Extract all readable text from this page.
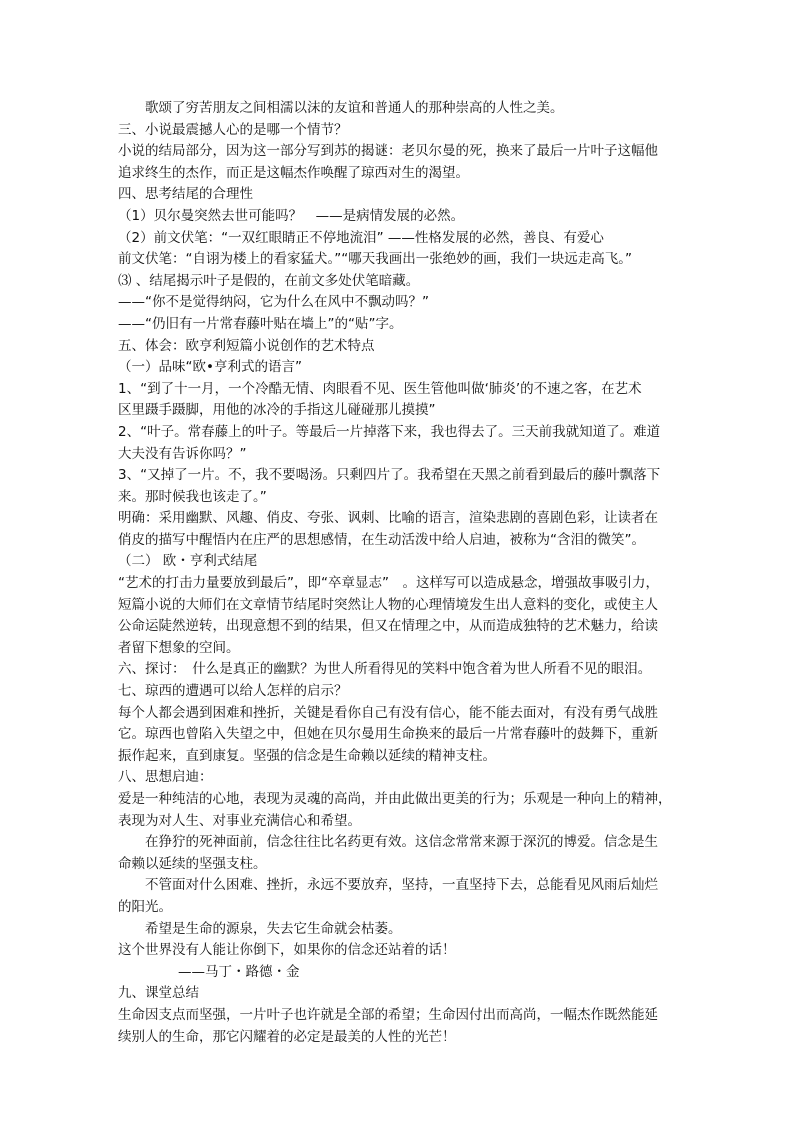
歌颂了穷苦朋友之间相濡以沫的友谊和普通人的那种崇高的人性之美。
三、小说最震撼人心的是哪一个情节？
小说的结局部分，因为这一部分写到苏的揭谜：老贝尔曼的死，换来了最后一片叶子这幅他
追求终生的杰作，而正是这幅杰作唤醒了琼西对生的渴望。
四、思考结尾的合理性
（1）贝尔曼突然去世可能吗？　——是病情发展的必然。
（2）前文伏笔：“一双红眼睛正不停地流泪” ——性格发展的必然，善良、有爱心
前文伏笔：“自诩为楼上的看家猛犬。”“哪天我画出一张绝妙的画，我们一块远走高飞。”
⑶ 、结尾揭示叶子是假的，在前文多处伏笔暗藏。
——“你不是觉得纳闷，它为什么在风中不飘动吗？”
——“仍旧有一片常春藤叶贴在墙上”的“贴”字。
五、体会：欧亨利短篇小说创作的艺术特点
（一）品味“欧•亨利式的语言”
1、“到了十一月，一个冷酷无情、肉眼看不见、医生管他叫做‘肺炎’的不速之客，在艺术
区里蹑手蹑脚，用他的冰冷的手指这儿碰碰那儿摸摸”
2、“叶子。常春藤上的叶子。等最后一片掉落下来，我也得去了。三天前我就知道了。难道
大夫没有告诉你吗？”
3、“又掉了一片。不，我不要喝汤。只剩四片了。我希望在天黑之前看到最后的藤叶飘落下
来。那时候我也该走了。”
明确：采用幽默、风趣、俏皮、夸张、讽刺、比喻的语言，渲染悲剧的喜剧色彩，让读者在
俏皮的描写中醒悟内在庄严的思想感情，在生动活泼中给人启迪，被称为“含泪的微笑”。
（二） 欧・亨利式结尾
“艺术的打击力量要放到最后”，即“卒章显志”　。这样写可以造成悬念，增强故事吸引力，
短篇小说的大师们在文章情节结尾时突然让人物的心理情境发生出人意料的变化，或使主人
公命运陡然逆转，出现意想不到的结果，但又在情理之中，从而造成独特的艺术魅力，给读
者留下想象的空间。
六、探讨：　什么是真正的幽默？为世人所看得见的笑料中饱含着为世人所看不见的眼泪。
七、琼西的遭遇可以给人怎样的启示？
每个人都会遇到困难和挫折，关键是看你自己有没有信心，能不能去面对，有没有勇气战胜
它。琼西也曾陷入失望之中，但她在贝尔曼用生命换来的最后一片常春藤叶的鼓舞下，重新
振作起来，直到康复。坚强的信念是生命赖以延续的精神支柱。
八、思想启迪：
爱是一种纯洁的心地，表现为灵魂的高尚，并由此做出更美的行为；乐观是一种向上的精神，
表现为对人生、对事业充满信心和希望。
在狰狞的死神面前，信念往往比名药更有效。这信念常常来源于深沉的博爱。信念是生
命赖以延续的坚强支柱。
不管面对什么困难、挫折，永远不要放弃，坚持，一直坚持下去，总能看见风雨后灿烂
的阳光。
希望是生命的源泉，失去它生命就会枯萎。
这个世界没有人能让你倒下，如果你的信念还站着的话！
——马丁・路德・金
九、课堂总结
生命因支点而坚强，一片叶子也许就是全部的希望；生命因付出而高尚，一幅杰作既然能延
续别人的生命，那它闪耀着的必定是最美的人性的光芒！
